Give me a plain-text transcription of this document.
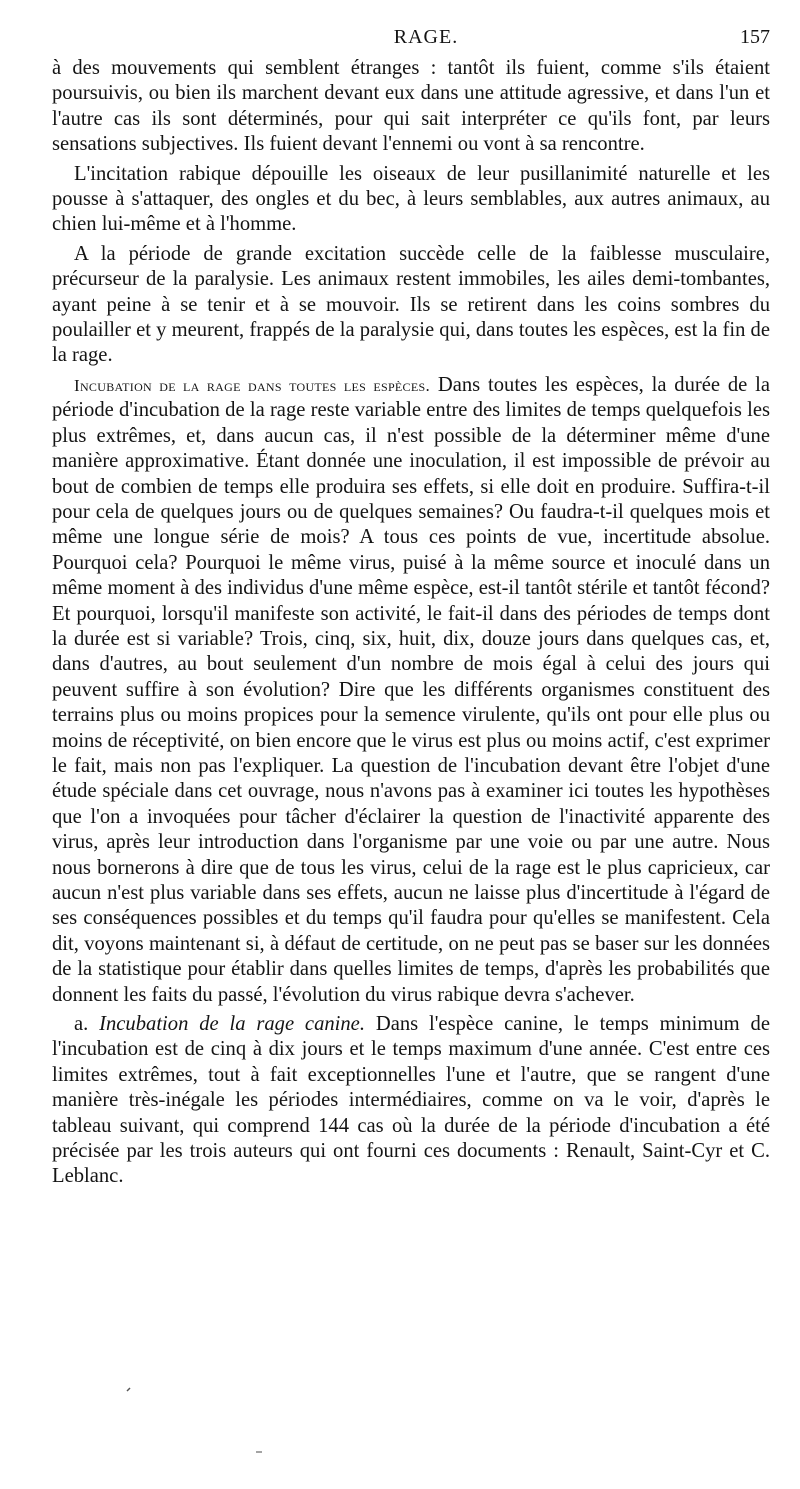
RAGE.	157

à des mouvements qui semblent étranges : tantôt ils fuient, comme s'ils étaient poursuivis, ou bien ils marchent devant eux dans une attitude agressive, et dans l'un et l'autre cas ils sont déterminés, pour qui sait interpréter ce qu'ils font, par leurs sensations subjectives. Ils fuient devant l'ennemi ou vont à sa rencontre.

L'incitation rabique dépouille les oiseaux de leur pusillanimité naturelle et les pousse à s'attaquer, des ongles et du bec, à leurs semblables, aux autres animaux, au chien lui-même et à l'homme.

A la période de grande excitation succède celle de la faiblesse musculaire, précurseur de la paralysie. Les animaux restent immobiles, les ailes demi-tombantes, ayant peine à se tenir et à se mouvoir. Ils se retirent dans les coins sombres du poulailler et y meurent, frappés de la paralysie qui, dans toutes les espèces, est la fin de la rage.

Incubation de la rage dans toutes les espèces. Dans toutes les espèces, la durée de la période d'incubation de la rage reste variable entre des limites de temps quelquefois les plus extrêmes, et, dans aucun cas, il n'est possible de la déterminer même d'une manière approximative. Étant donnée une inoculation, il est impossible de prévoir au bout de combien de temps elle produira ses effets, si elle doit en produire. Suffira-t-il pour cela de quelques jours ou de quelques semaines? Ou faudra-t-il quelques mois et même une longue série de mois? A tous ces points de vue, incertitude absolue. Pourquoi cela? Pourquoi le même virus, puisé à la même source et inoculé dans un même moment à des individus d'une même espèce, est-il tantôt stérile et tantôt fécond? Et pourquoi, lorsqu'il manifeste son activité, le fait-il dans des périodes de temps dont la durée est si variable? Trois, cinq, six, huit, dix, douze jours dans quelques cas, et, dans d'autres, au bout seulement d'un nombre de mois égal à celui des jours qui peuvent suffire à son évolution? Dire que les différents organismes constituent des terrains plus ou moins propices pour la semence virulente, qu'ils ont pour elle plus ou moins de réceptivité, on bien encore que le virus est plus ou moins actif, c'est exprimer le fait, mais non pas l'expliquer. La question de l'incubation devant être l'objet d'une étude spéciale dans cet ouvrage, nous n'avons pas à examiner ici toutes les hypothèses que l'on a invoquées pour tâcher d'éclairer la question de l'inactivité apparente des virus, après leur introduction dans l'organisme par une voie ou par une autre. Nous nous bornerons à dire que de tous les virus, celui de la rage est le plus capricieux, car aucun n'est plus variable dans ses effets, aucun ne laisse plus d'incertitude à l'égard de ses conséquences possibles et du temps qu'il faudra pour qu'elles se manifestent. Cela dit, voyons maintenant si, à défaut de certitude, on ne peut pas se baser sur les données de la statistique pour établir dans quelles limites de temps, d'après les probabilités que donnent les faits du passé, l'évolution du virus rabique devra s'achever.

a. Incubation de la rage canine. Dans l'espèce canine, le temps minimum de l'incubation est de cinq à dix jours et le temps maximum d'une année. C'est entre ces limites extrêmes, tout à fait exceptionnelles l'une et l'autre, que se rangent d'une manière très-inégale les périodes intermédiaires, comme on va le voir, d'après le tableau suivant, qui comprend 144 cas où la durée de la période d'incubation a été précisée par les trois auteurs qui ont fourni ces documents : Renault, Saint-Cyr et C. Leblanc.
